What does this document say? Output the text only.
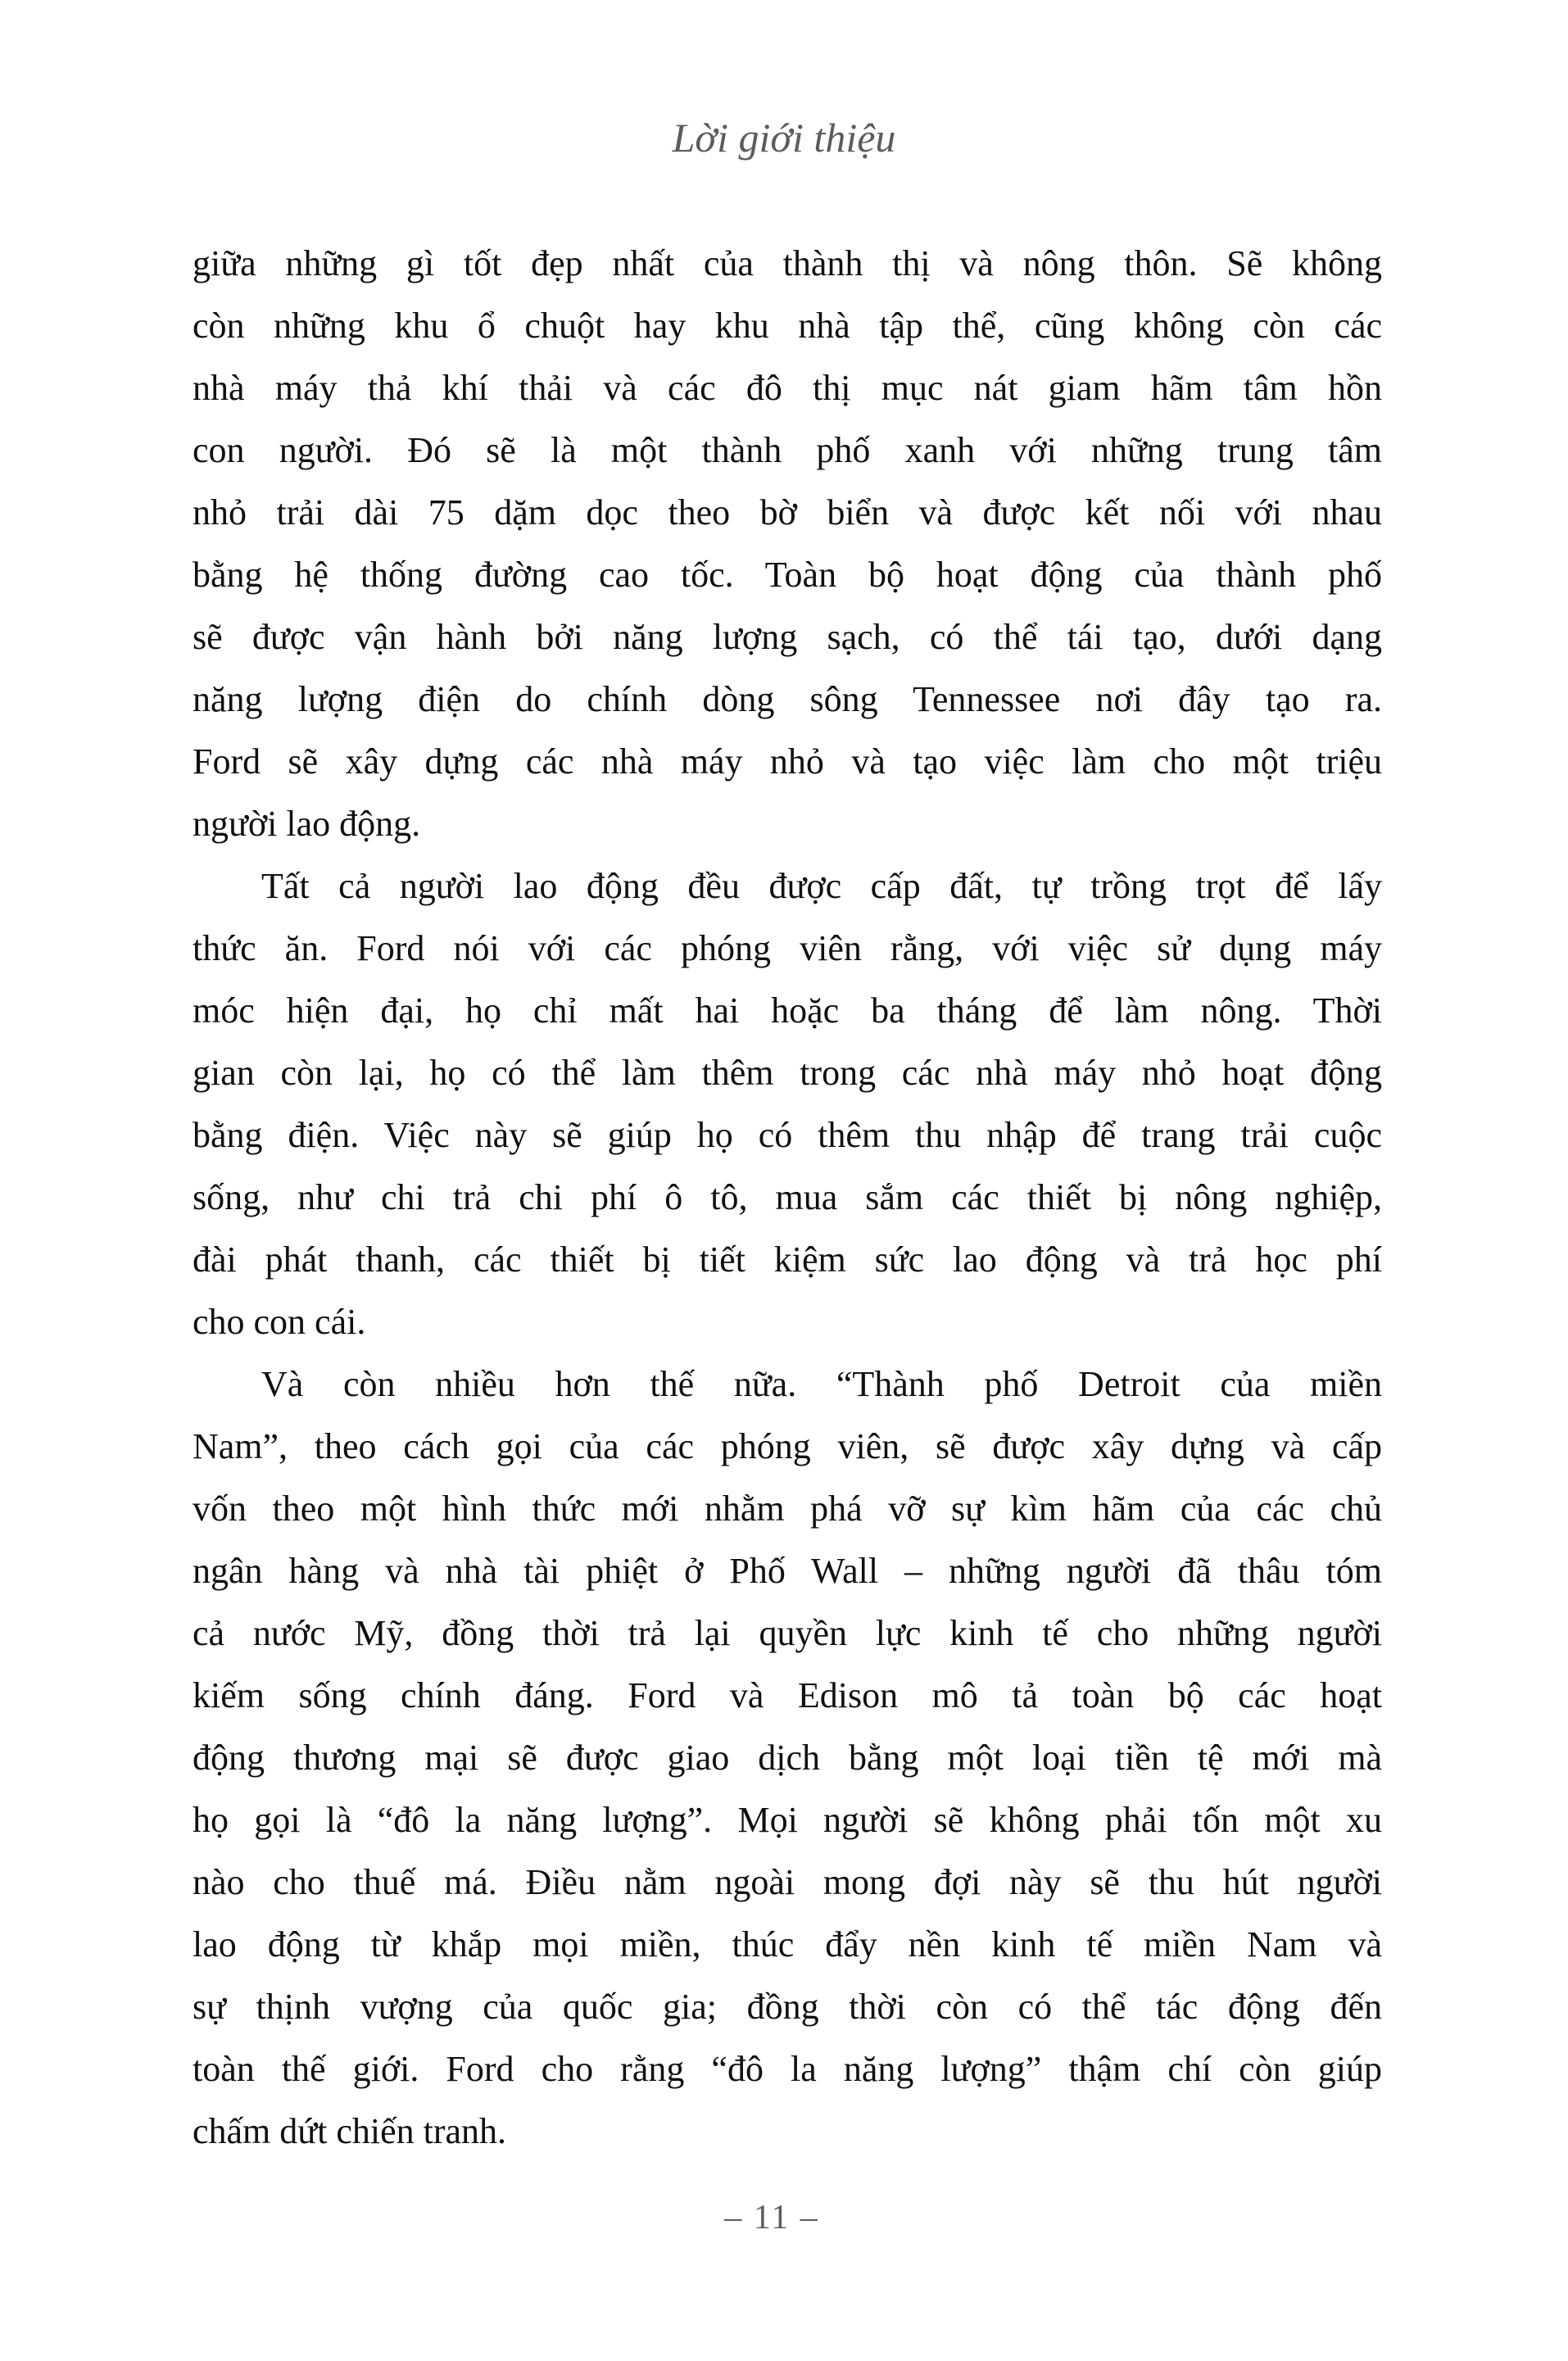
Lời giới thiệu
giữa những gì tốt đẹp nhất của thành thị và nông thôn. Sẽ không
còn những khu ổ chuột hay khu nhà tập thể, cũng không còn các
nhà máy thả khí thải và các đô thị mục nát giam hãm tâm hồn
con người. Đó sẽ là một thành phố xanh với những trung tâm
nhỏ trải dài 75 dặm dọc theo bờ biển và được kết nối với nhau
bằng hệ thống đường cao tốc. Toàn bộ hoạt động của thành phố
sẽ được vận hành bởi năng lượng sạch, có thể tái tạo, dưới dạng
năng lượng điện do chính dòng sông Tennessee nơi đây tạo ra.
Ford sẽ xây dựng các nhà máy nhỏ và tạo việc làm cho một triệu
người lao động.
Tất cả người lao động đều được cấp đất, tự trồng trọt để lấy
thức ăn. Ford nói với các phóng viên rằng, với việc sử dụng máy
móc hiện đại, họ chỉ mất hai hoặc ba tháng để làm nông. Thời
gian còn lại, họ có thể làm thêm trong các nhà máy nhỏ hoạt động
bằng điện. Việc này sẽ giúp họ có thêm thu nhập để trang trải cuộc
sống, như chi trả chi phí ô tô, mua sắm các thiết bị nông nghiệp,
đài phát thanh, các thiết bị tiết kiệm sức lao động và trả học phí
cho con cái.
Và còn nhiều hơn thế nữa. “Thành phố Detroit của miền
Nam”, theo cách gọi của các phóng viên, sẽ được xây dựng và cấp
vốn theo một hình thức mới nhằm phá vỡ sự kìm hãm của các chủ
ngân hàng và nhà tài phiệt ở Phố Wall – những người đã thâu tóm
cả nước Mỹ, đồng thời trả lại quyền lực kinh tế cho những người
kiếm sống chính đáng. Ford và Edison mô tả toàn bộ các hoạt
động thương mại sẽ được giao dịch bằng một loại tiền tệ mới mà
họ gọi là “đô la năng lượng”. Mọi người sẽ không phải tốn một xu
nào cho thuế má. Điều nằm ngoài mong đợi này sẽ thu hút người
lao động từ khắp mọi miền, thúc đẩy nền kinh tế miền Nam và
sự thịnh vượng của quốc gia; đồng thời còn có thể tác động đến
toàn thế giới. Ford cho rằng “đô la năng lượng” thậm chí còn giúp
chấm dứt chiến tranh.
– 11 –
